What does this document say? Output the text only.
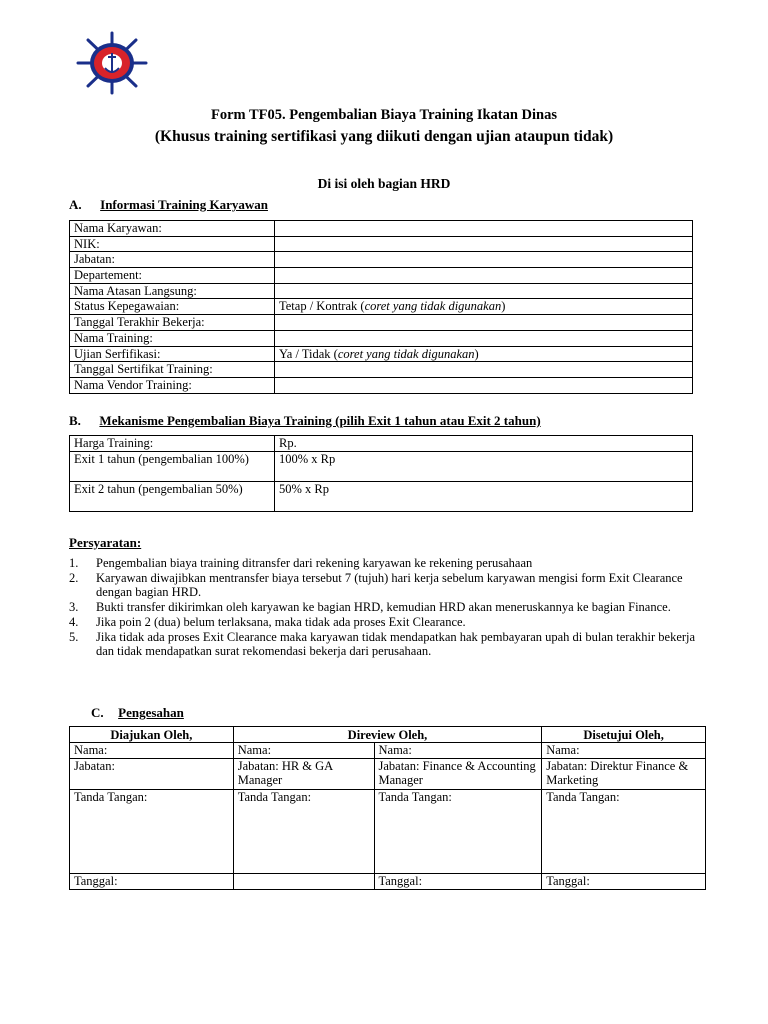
Form TF05. Pengembalian Biaya Training Ikatan Dinas
(Khusus training sertifikasi yang diikuti dengan ujian ataupun tidak)
Di isi oleh bagian HRD
A. Informasi Training Karyawan
Nama Karyawan:	
NIK:	
Jabatan:	
Departement:	
Nama Atasan Langsung:	
Status Kepegawaian:	Tetap / Kontrak (coret yang tidak digunakan)
Tanggal Terakhir Bekerja:	
Nama Training:	
Ujian Serfifikasi:	Ya / Tidak (coret yang tidak digunakan)
Tanggal Sertifikat Training:	
Nama Vendor Training:	
B. Mekanisme Pengembalian Biaya Training (pilih Exit 1 tahun atau Exit 2 tahun)
Harga Training:	Rp.
Exit 1 tahun (pengembalian 100%)	100% x Rp
Exit 2 tahun (pengembalian 50%)	50% x Rp
Persyaratan:
1. Pengembalian biaya training ditransfer dari rekening karyawan ke rekening perusahaan
2. Karyawan diwajibkan mentransfer biaya tersebut 7 (tujuh) hari kerja sebelum karyawan mengisi form Exit Clearance dengan bagian HRD.
3. Bukti transfer dikirimkan oleh karyawan ke bagian HRD, kemudian HRD akan meneruskannya ke bagian Finance.
4. Jika poin 2 (dua) belum terlaksana, maka tidak ada proses Exit Clearance.
5. Jika tidak ada proses Exit Clearance maka karyawan tidak mendapatkan hak pembayaran upah di bulan terakhir bekerja dan tidak mendapatkan surat rekomendasi bekerja dari perusahaan.
C. Pengesahan
Diajukan Oleh,	Direview Oleh,		Disetujui Oleh,
Nama:	Nama:	Nama:	Nama:
Jabatan:	Jabatan: HR & GA Manager	Jabatan: Finance & Accounting Manager	Jabatan: Direktur Finance & Marketing
Tanda Tangan:	Tanda Tangan:	Tanda Tangan:	Tanda Tangan:
Tanggal:		Tanggal:	Tanggal:
